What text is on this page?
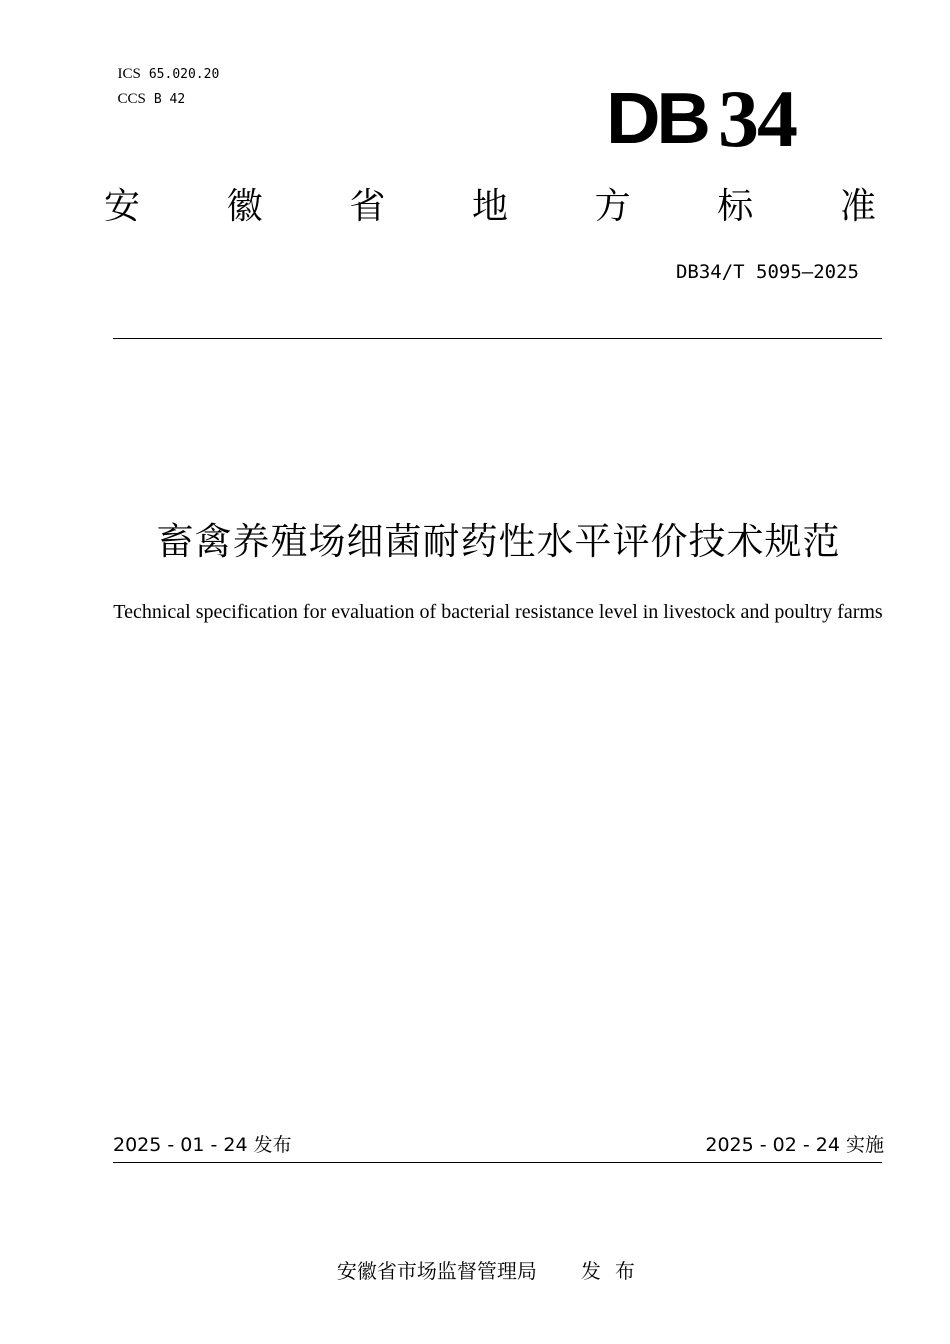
ICS 65.020.20

CCS B 42	DB 34
安 徽 省 地 方 标 准
DB34/T 5095—2025
畜禽养殖场细菌耐药性水平评价技术规范
Technical specification for evaluation of bacterial resistance level in livestock and poultry farms
2025 - 01 - 24 发布	2025 - 02 - 24 实施

安徽省市场监督管理局 发布
